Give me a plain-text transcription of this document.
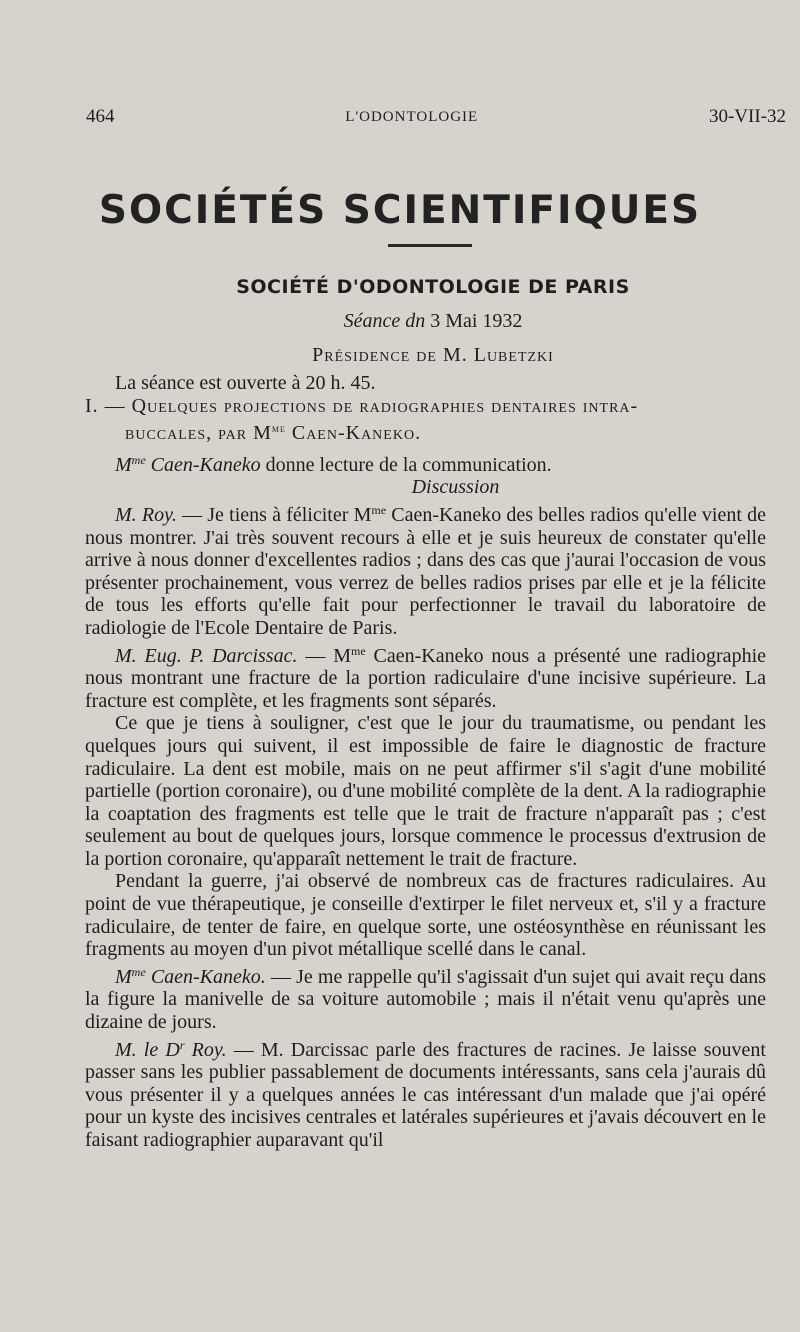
464	L'ODONTOLOGIE	30-VII-32
SOCIÉTÉS SCIENTIFIQUES
SOCIÉTÉ D'ODONTOLOGIE DE PARIS
Séance dn 3 Mai 1932
Présidence de M. Lubetzki

La séance est ouverte à 20 h. 45.

I. — Quelques projections de radiographies dentaires intra-

buccales, par $M^{me}$ Caen-Kaneko.

$M^{me}$ Caen-Kaneko donne lecture de la communication.

Discussion

M. Roy. — Je tiens à féliciter $M^{me}$ Caen-Kaneko des belles radios qu'elle vient de nous montrer. J'ai très souvent recours à elle et je suis heureux de constater qu'elle arrive à nous donner d'excellentes radios ; dans des cas que j'aurai l'occasion de vous présenter prochainement, vous verrez de belles radios prises par elle et je la félicite de tous les efforts qu'elle fait pour perfectionner le travail du laboratoire de radiologie de l'Ecole Dentaire de Paris.

M. Eug. P. Darcissac. — $M^{me}$ Caen-Kaneko nous a présenté une radiographie nous montrant une fracture de la portion radiculaire d'une incisive supérieure. La fracture est complète, et les fragments sont séparés.

Ce que je tiens à souligner, c'est que le jour du traumatisme, ou pendant les quelques jours qui suivent, il est impossible de faire le diagnostic de fracture radiculaire. La dent est mobile, mais on ne peut affirmer s'il s'agit d'une mobilité partielle (portion coronaire), ou d'une mobilité complète de la dent. A la radiographie la coaptation des fragments est telle que le trait de fracture n'apparaît pas ; c'est seulement au bout de quelques jours, lorsque commence le processus d'extrusion de la portion coronaire, qu'apparaît nettement le trait de fracture.

Pendant la guerre, j'ai observé de nombreux cas de fractures radiculaires. Au point de vue thérapeutique, je conseille d'extirper le filet nerveux et, s'il y a fracture radiculaire, de tenter de faire, en quelque sorte, une ostéosynthèse en réunissant les fragments au moyen d'un pivot métallique scellé dans le canal.

$M^{me}$ Caen-Kaneko. — Je me rappelle qu'il s'agissait d'un sujet qui avait reçu dans la figure la manivelle de sa voiture automobile ; mais il n'était venu qu'après une dizaine de jours.

M. le $D^r$ Roy. — M. Darcissac parle des fractures de racines. Je laisse souvent passer sans les publier passablement de documents intéressants, sans cela j'aurais dû vous présenter il y a quelques années le cas intéressant d'un malade que j'ai opéré pour un kyste des incisives centrales et latérales supérieures et j'avais découvert en le faisant radiographier auparavant qu'il
